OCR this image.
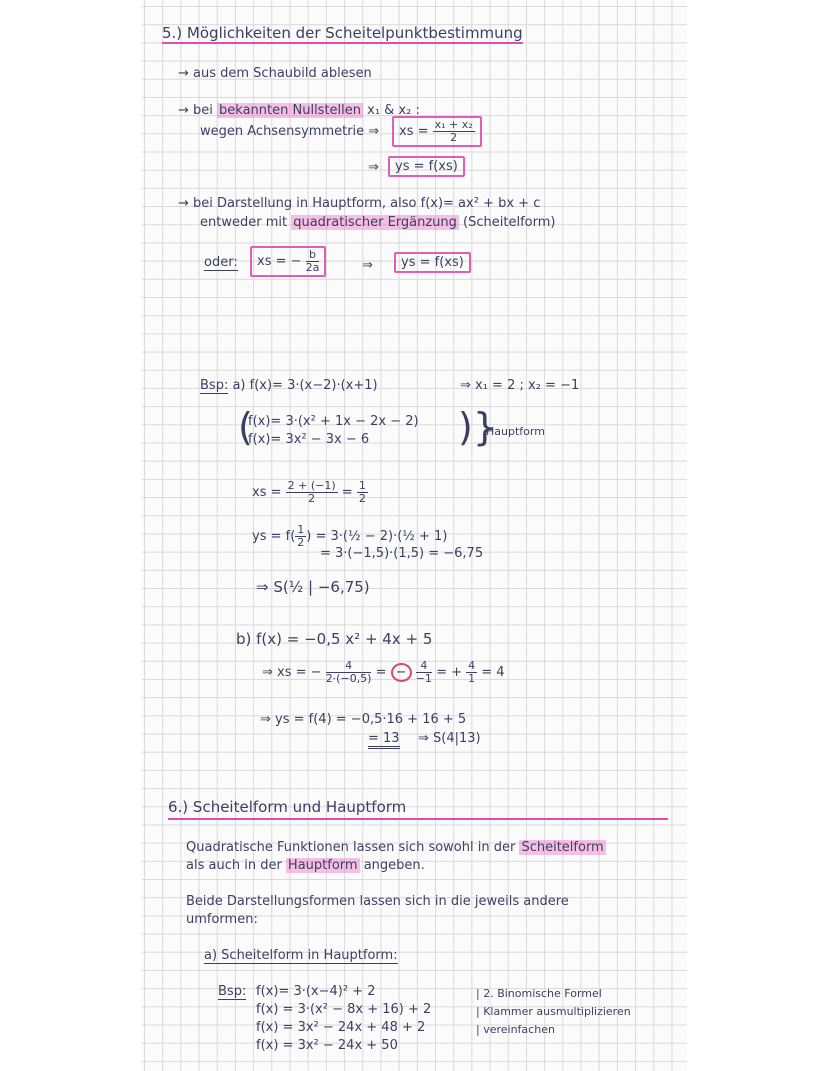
5.) Möglichkeiten der Scheitelpunktbestimmung
→ aus dem Schaubild ablesen
→ bei bekannten Nullstellen x₁ & x₂ :
wegen Achsensymmetrie ⇒	xs = $\frac{\text{x₁ + x₂}}{2}$
⇒	ys = f(xs)
→ bei Darstellung in Hauptform, also f(x)= ax² + bx + c
entweder mit quadratischer Ergänzung (Scheitelform)
oder:	xs = − $\frac{b}{2a}$	⇒	ys = f(xs)
Bsp: a) f(x)= 3·(x−2)·(x+1)	⇒ x₁ = 2 ; x₂ = −1
f(x)= 3·(x² + 1x − 2x − 2)
f(x)= 3x² − 3x − 6
(	)}
Hauptform
xs = $\frac{2 + (-1)}{2} = \frac{1}{2}$
ys = $f( \frac{1}{2}$ ) = 3·(½ − 2)·(½ + 1)
= 3·(−1,5)·(1,5) = −6,75
⇒ S(½ | −6,75)
b) f(x) = −0,5 x² + 4x + 5
⇒ xs = − $\frac{4}{2\cdot(-0,5)}$ = − $\frac{4}{-1}$ = + $\frac{4}{1} = 4$
⇒ ys = f(4) = −0,5·16 + 16 + 5
= 13 ⇒ S(4|13)
6.) Scheitelform und Hauptform
Quadratische Funktionen lassen sich sowohl in der Scheitelform
als auch in der Hauptform angeben.
Beide Darstellungsformen lassen sich in die jeweils andere
umformen:
a) Scheitelform in Hauptform:
Bsp: f(x)= 3·(x−4)² + 2
f(x) = 3·(x² − 8x + 16) + 2
f(x) = 3x² − 24x + 48 + 2
f(x) = 3x² − 24x + 50
| 2. Binomische Formel
| Klammer ausmultiplizieren
| vereinfachen
